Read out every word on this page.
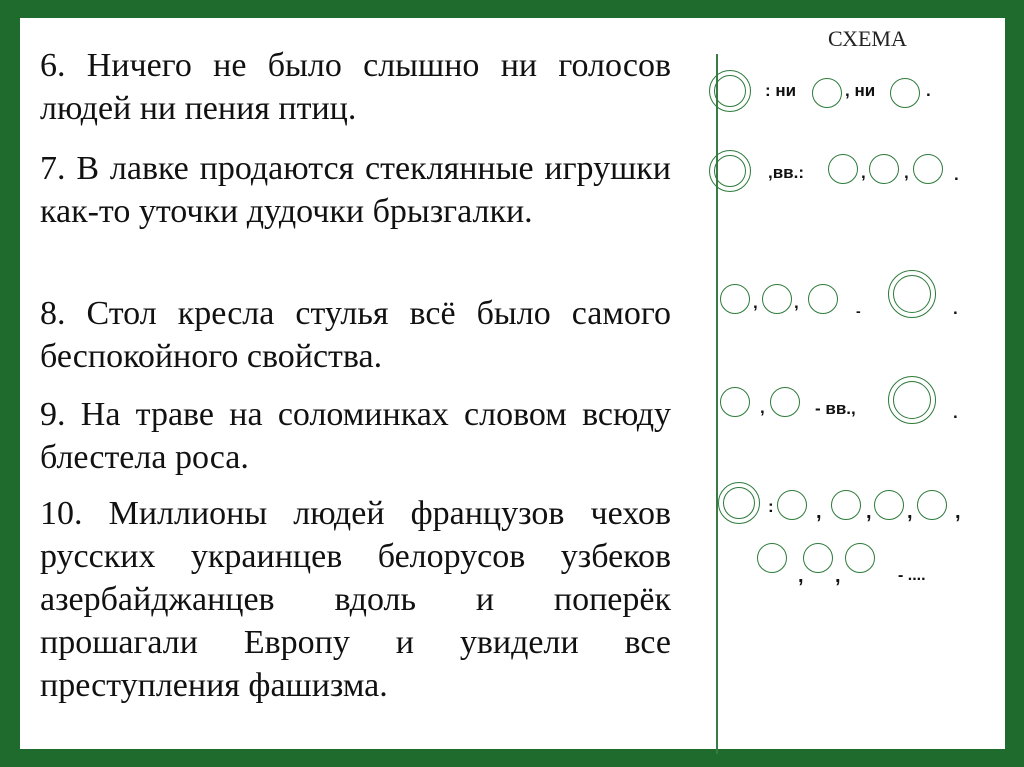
6. Ничего не было слышно ни голосов людей ни пения птиц.
7. В лавке продаются стеклянные игрушки как-то уточки дудочки брызгалки.
8. Стол кресла стулья всё было самого беспокойного свойства.
9. На траве на соломинках словом всюду блестела роса.
10. Миллионы людей французов чехов русских украинцев белорусов узбеков азербайджанцев вдоль и поперёк прошагали Европу и увидели все преступления фашизма.
СХЕМА
: ни	, ни	.
,вв.:	, ,	.
, ,	-	.
,	- вв.,	.
: , , , ,
, ,	- ....
